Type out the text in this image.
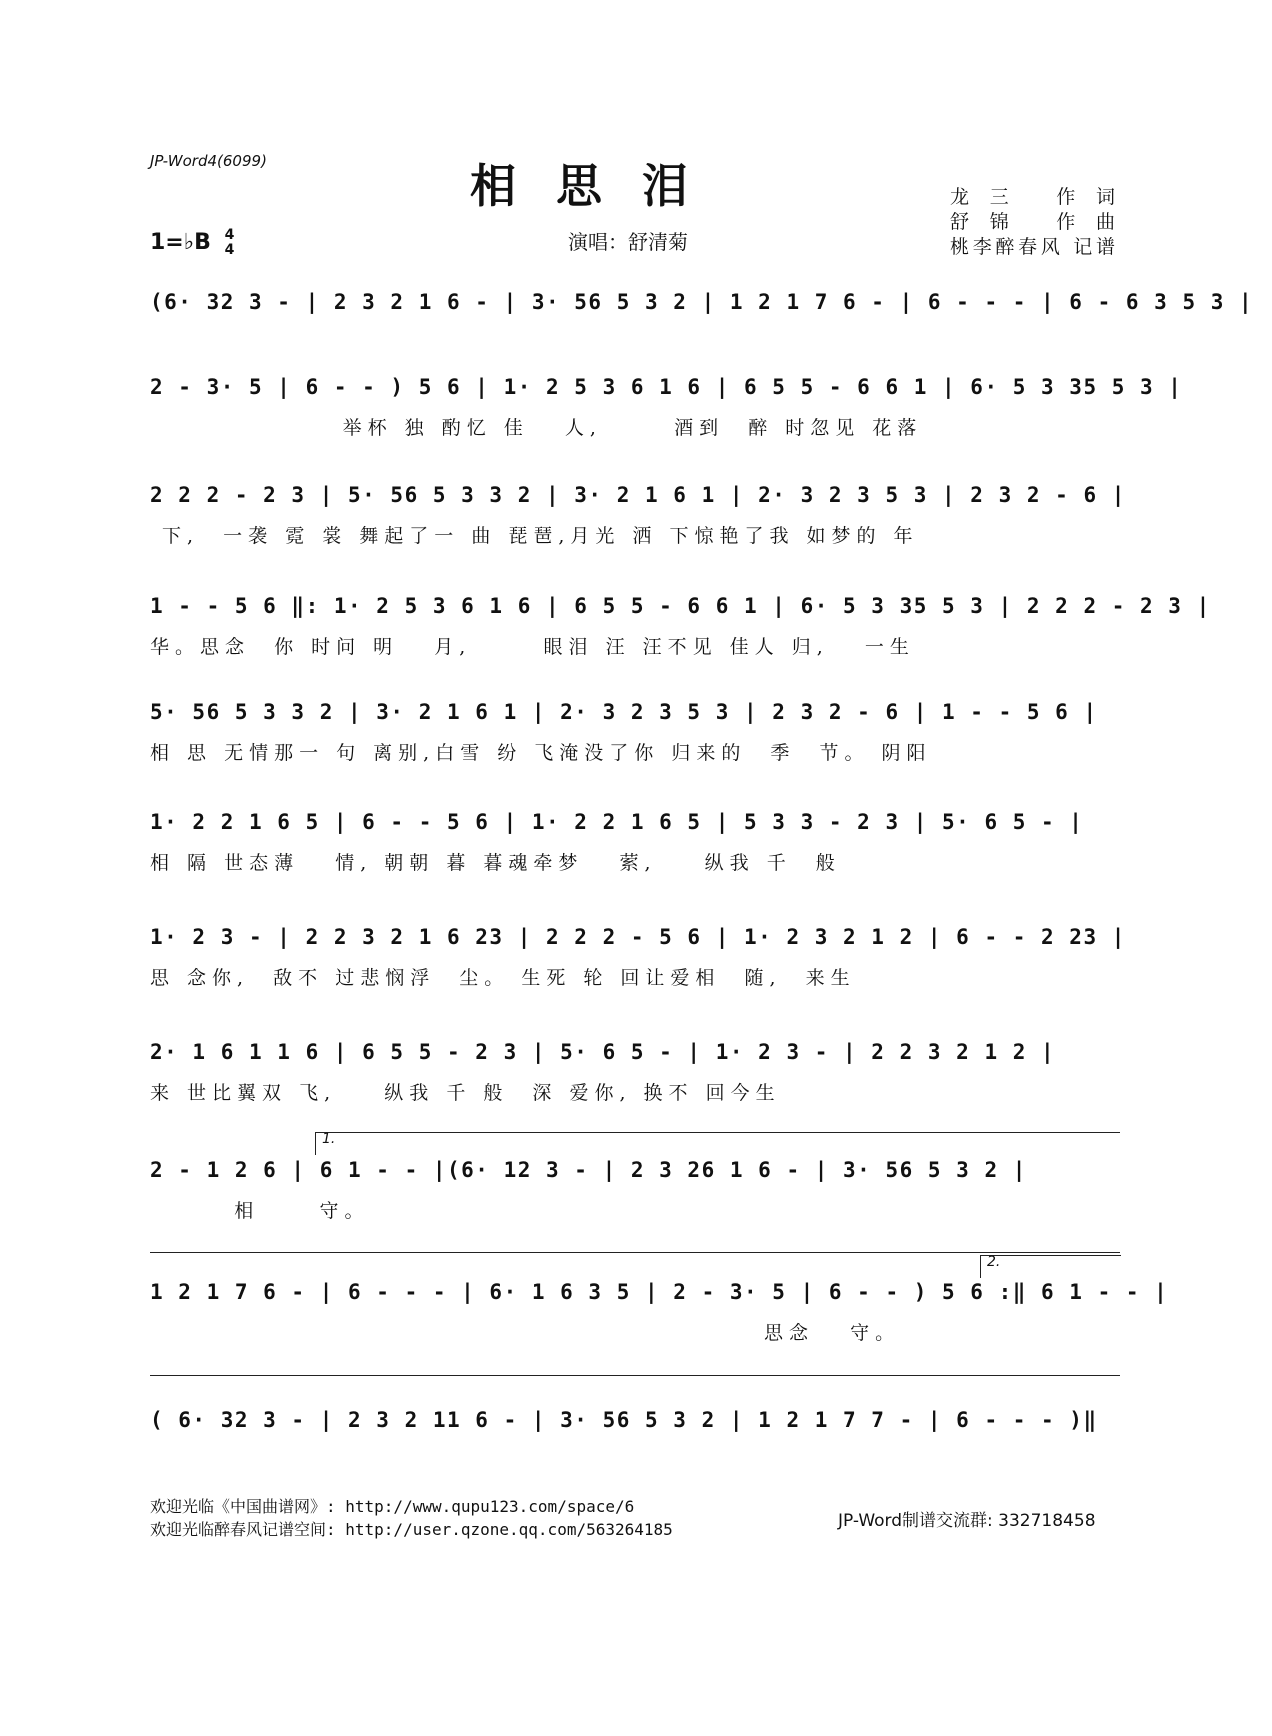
JP-Word4(6099)	相思泪
1=♭B 4
4	演唱：舒清菊
龙三 作词
舒锦 作曲
桃李醉春风 记谱
(6· 32 3 - | 2 3 2 1 6 - | 3· 56 5 3 2 | 1 2 1 7 6 - | 6 - - - | 6 - 6 3 5 3 |
2 - 3· 5 | 6 - - ) 5 6 | 1· 2 5 3 6 1 6 | 6 5 5 - 6 6 1 | 6· 5 3 35 5 3 |
举杯 独 酌忆 佳   人,      酒到  醉 时忽见 花落
2 2 2 - 2 3 | 5· 56 5 3 3 2 | 3· 2 1 6 1 | 2· 3 2 3 5 3 | 2 3 2 - 6 |
下,  一袭 霓 裳 舞起了一 曲 琵琶,月光 洒 下惊艳了我 如梦的 年
1 - - 5 6 ‖: 1· 2 5 3 6 1 6 | 6 5 5 - 6 6 1 | 6· 5 3 35 5 3 | 2 2 2 - 2 3 |
华。思念  你 时问 明   月,      眼泪 汪 汪不见 佳人 归,   一生
5· 56 5 3 3 2 | 3· 2 1 6 1 | 2· 3 2 3 5 3 | 2 3 2 - 6 | 1 - - 5 6 |
相 思 无情那一 句 离别,白雪 纷 飞淹没了你 归来的  季  节。 阴阳
1· 2 2 1 6 5 | 6 - - 5 6 | 1· 2 2 1 6 5 | 5 3 3 - 2 3 | 5· 6 5 - |
相 隔 世态薄   情, 朝朝 暮 暮魂牵梦   萦,    纵我 千  般
1· 2 3 - | 2 2 3 2 1 6 23 | 2 2 2 - 5 6 | 1· 2 3 2 1 2 | 6 - - 2 23 |
思 念你,  敌不 过悲悯浮  尘。 生死 轮 回让爱相  随,  来生
2· 1 6 1 1 6 | 6 5 5 - 2 3 | 5· 6 5 - | 1· 2 3 - | 2 2 3 2 1 2 |
来 世比翼双 飞,    纵我 千 般  深 爱你, 换不 回今生
1.
2 - 1 2 6 | 6 1 - - |(6· 12 3 - | 2 3 26 1 6 - | 3· 56 5 3 2 |
相     守。
2.
1 2 1 7 6 - | 6 - - - | 6· 1 6 3 5 | 2 - 3· 5 | 6 - - ) 5 6 :‖ 6 1 - - |
思念   守。
( 6· 32 3 - | 2 3 2 11 6 - | 3· 56 5 3 2 | 1 2 1 7 7 - | 6 - - - )‖
欢迎光临《中国曲谱网》: http://www.qupu123.com/space/6
欢迎光临醉春风记谱空间: http://user.qzone.qq.com/563264185	JP-Word制谱交流群: 332718458
